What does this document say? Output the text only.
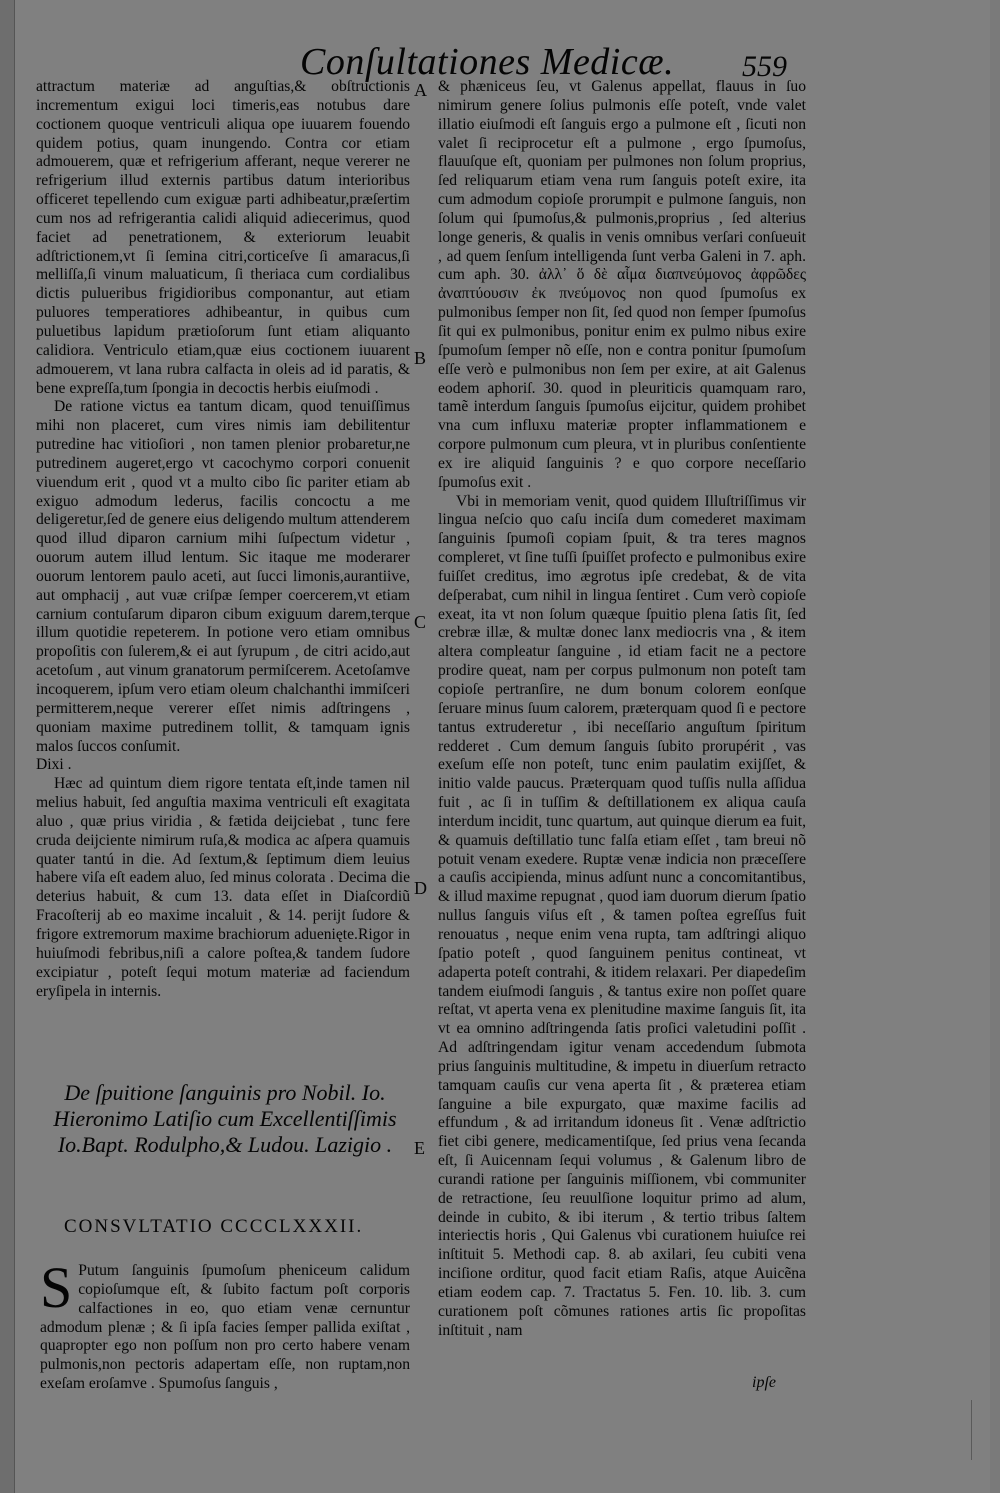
Conſultationes Medicæ.	559

attractum materiæ ad anguſtias,& obſtructionis incrementum exigui loci timeris,eas notubus dare coctionem quoque ventriculi aliqua ope iuuarem fouendo quidem potius, quam inungendo. Contra cor etiam admouerem, quæ et refrigerium afferant, neque vererer ne refrigerium illud externis partibus datum interioribus officeret tepellendo cum exiguæ parti adhibeatur,præſertim cum nos ad refrigerantia calidi aliquid adiecerimus, quod faciet ad penetrationem, & exteriorum leuabit adſtrictionem,vt ſi ſemina citri,corticeſve ſi amaracus,ſi melliſſa,ſi vinum maluaticum, ſi theriaca cum cordialibus dictis pulueribus frigidioribus componantur, aut etiam puluores temperatiores adhibeantur, in quibus cum puluetibus lapidum prætioſorum ſunt etiam aliquanto calidiora. Ventriculo etiam,quæ eius coctionem iuuarent admouerem, vt lana rubra calfacta in oleis ad id paratis, & bene expreſſa,tum ſpongia in decoctis herbis eiuſmodi .

De ratione victus ea tantum dicam, quod tenuiſſimus mihi non placeret, cum vires nimis iam debilitentur putredine hac vitioſiori , non tamen plenior probaretur,ne putredinem augeret,ergo vt cacochymo corpori conuenit viuendum erit , quod vt a multo cibo ſic pariter etiam ab exiguo admodum lederus, facilis concoctu a me deligeretur,ſed de genere eius deligendo multum attenderem quod illud diparon carnium mihi ſuſpectum videtur , ouorum autem illud lentum. Sic itaque me moderarer ouorum lentorem paulo aceti, aut ſucci limonis,aurantiive, aut omphacij , aut vuæ criſpæ ſemper coercerem,vt etiam carnium contuſarum diparon cibum exiguum darem,terque illum quotidie repeterem. In potione vero etiam omnibus propoſitis con ſulerem,& ei aut ſyrupum , de citri acido,aut acetoſum , aut vinum granatorum permiſcerem. Acetoſamve incoquerem, ipſum vero etiam oleum chalchanthi immiſceri permitterem,neque vererer eſſet nimis adſtringens , quoniam maxime putredinem tollit, & tamquam ignis malos ſuccos conſumit.

Dixi .

Hæc ad quintum diem rigore tentata eſt,inde tamen nil melius habuit, ſed anguſtia maxima ventriculi eſt exagitata aluo , quæ prius viridia , & fætida deijciebat , tunc fere cruda deijciente nimirum ruſa,& modica ac aſpera quamuis quater tantú in die. Ad ſextum,& ſeptimum diem leuius habere viſa eſt eadem aluo, ſed minus colorata . Decima die deterius habuit, & cum 13. data eſſet in Diaſcordiũ Fracoſterij ab eo maxime incaluit , & 14. perijt ſudore & frigore extremorum maxime brachiorum aduenięte.Rigor in huiuſmodi febribus,niſi a calore poſtea,& tandem ſudore excipiatur , poteſt ſequi motum materiæ ad faciendum eryſipela in internis.

A
B
C
D
E
De ſpuitione ſanguinis pro Nobil. Io. Hieronimo Latiſio cum Excellentiſſimis Io.Bapt. Rodulpho,& Ludou. Lazigio .
CONSVLTATIO CCCCLXXXII.
S Putum ſanguinis ſpumoſum pheniceum calidum copioſumque eſt, & ſubito factum poſt corporis calfactiones in eo, quo etiam venæ cernuntur admodum plenæ ; & ſi ipſa facies ſemper pallida exiſtat , quapropter ego non poſſum non pro certo habere venam pulmonis,non pectoris adapertam eſſe, non ruptam,non exeſam eroſamve . Spumoſus ſanguis ,

& phæniceus ſeu, vt Galenus appellat, flauus in ſuo nimirum genere ſolius pulmonis eſſe poteſt, vnde valet illatio eiuſmodi eſt ſanguis ergo a pulmone eſt , ſicuti non valet ſi reciprocetur eſt a pulmone , ergo ſpumoſus, flauuſque eſt, quoniam per pulmones non ſolum proprius, ſed reliquarum etiam vena rum ſanguis poteſt exire, ita cum admodum copioſe prorumpit e pulmone ſanguis, non ſolum qui ſpumoſus,& pulmonis,proprius , ſed alterius longe generis, & qualis in venis omnibus verſari conſueuit , ad quem ſenſum intelligenda ſunt verba Galeni in 7. aph. cum aph. 30. ἀλλ᾽ ὅ δὲ αἷμα διαπνεύμονος ἀφρῶδες ἀναπτύουσιν ἐκ πνεύμονος non quod ſpumoſus ex pulmonibus ſemper non ſit, ſed quod non ſemper ſpumoſus ſit qui ex pulmonibus, ponitur enim ex pulmo nibus exire ſpumoſum ſemper nõ eſſe, non e contra ponitur ſpumoſum eſſe verò e pulmonibus non ſem per exire, at ait Galenus eodem aphoriſ. 30. quod in pleuriticis quamquam raro, tamẽ interdum ſanguis ſpumoſus eijcitur, quidem prohibet vna cum influxu materiæ propter inflammationem e corpore pulmonum cum pleura, vt in pluribus conſentiente ex ire aliquid ſanguinis ? e quo corpore neceſſario ſpumoſus exit .

Vbi in memoriam venit, quod quidem Illuſtriſſimus vir lingua neſcio quo caſu inciſa dum comederet maximam ſanguinis ſpumoſi copiam ſpuit, & tra teres magnos compleret, vt ſine tuſſi ſpuiſſet profecto e pulmonibus exire fuiſſet creditus, imo ægrotus ipſe credebat, & de vita deſperabat, cum nihil in lingua ſentiret . Cum verò copioſe exeat, ita vt non ſolum quæque ſpuitio plena ſatis ſit, ſed crebræ illæ, & multæ donec lanx mediocris vna , & item altera compleatur ſanguine , id etiam facit ne a pectore prodire queat, nam per corpus pulmonum non poteſt tam copioſe pertranſire, ne dum bonum colorem eonſque ſeruare minus ſuum calorem, præterquam quod ſi e pectore tantus extruderetur , ibi neceſſario anguſtum ſpiritum redderet . Cum demum ſanguis ſubito prorupérit , vas exeſum eſſe non poteſt, tunc enim paulatim exijſſet, & initio valde paucus. Præterquam quod tuſſis nulla aſſidua fuit , ac ſi in tuſſim & deſtillationem ex aliqua cauſa interdum incidit, tunc quartum, aut quinque dierum ea fuit, & quamuis deſtillatio tunc falſa etiam eſſet , tam breui nõ potuit venam exedere. Ruptæ venæ indicia non præceſſere a cauſis accipienda, minus adſunt nunc a concomitantibus, & illud maxime repugnat , quod iam duorum dierum ſpatio nullus ſanguis viſus eſt , & tamen poſtea egreſſus fuit renouatus , neque enim vena rupta, tam adſtringi aliquo ſpatio poteſt , quod ſanguinem penitus contineat, vt adaperta poteſt contrahi, & itidem relaxari. Per diapedeſim tandem eiuſmodi ſanguis , & tantus exire non poſſet quare reſtat, vt aperta vena ex plenitudine maxime ſanguis ſit, ita vt ea omnino adſtringenda ſatis proſici valetudini poſſit . Ad adſtringendam igitur venam accedendum ſubmota prius ſanguinis multitudine, & impetu in diuerſum retracto tamquam cauſis cur vena aperta ſit , & præterea etiam ſanguine a bile expurgato, quæ maxime facilis ad effundum , & ad irritandum idoneus ſit . Venæ adſtrictio fiet cibi genere, medicamentiſque, ſed prius vena ſecanda eſt, ſi Auicennam ſequi volumus , & Galenum libro de curandi ratione per ſanguinis miſſionem, vbi communiter de retractione, ſeu reuulſione loquitur primo ad alum, deinde in cubito, & ibi iterum , & tertio tribus ſaltem interiectis horis , Qui Galenus vbi curationem huiuſce rei inſtituit 5. Methodi cap. 8. ab axilari, ſeu cubiti vena inciſione orditur, quod facit etiam Raſis, atque Auicẽna etiam eodem cap. 7. Tractatus 5. Fen. 10. lib. 3. cum curationem poſt cõmunes rationes artis ſic propoſitas inſtituit , nam

ipſe
